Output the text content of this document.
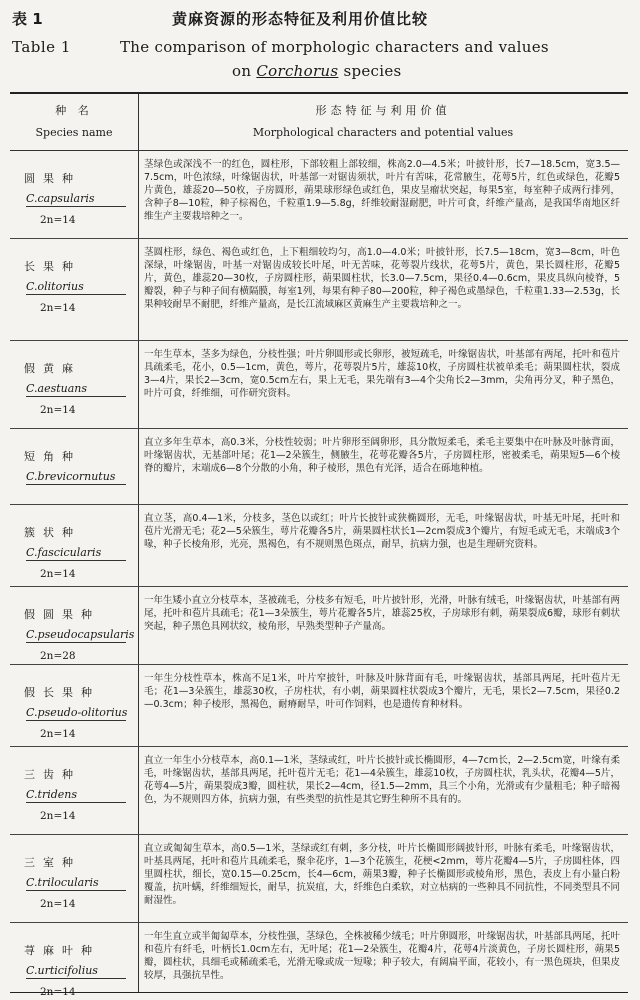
表 1	黄麻资源的形态特征及利用价值比较
Table 1	The comparison of morphologic characters and values
on Corchorus species
种 名
Species name
形态特征与利用价值
Morphological characters and potential values
圆果种
C.capsularis
2n=14
茎绿色或深浅不一的红色，圆柱形，下部较粗上部较细，株高2.0—4.5米；叶披针形，长7—18.5cm，宽3.5—7.5cm，叶色浓绿，叶缘锯齿状，叶基部一对锯齿须状，叶片有苦味，花常腋生，花萼5片，红色或绿色，花瓣5片黄色，雄蕊20—50枚，子房圆形，蒴果球形绿色或红色，果皮呈瘤状突起，每果5室，每室种子成两行排列，含种子8—10粒，种子棕褐色，千粒重1.9—5.8g，纤维较耐湿耐肥，叶片可食，纤维产量高，是我国华南地区纤维生产主要栽培种之一。
长果种
C.olitorius
2n=14
茎圆柱形，绿色、褐色或红色，上下粗细较均匀，高1.0—4.0米；叶披针形，长7.5—18cm，宽3—8cm，叶色深绿，叶缘锯齿，叶基一对锯齿成较长叶尾，叶无苦味，花萼裂片线状，花萼5片，黄色，果长圆柱形，花瓣5片，黄色，雄蕊20—30枚，子房圆柱形，蒴果圆柱状，长3.0—7.5cm，果径0.4—0.6cm，果皮具纵向棱脊，5瓣裂，种子与种子间有横隔膜，每室1列，每果有种子80—200粒，种子褐色或墨绿色，千粒重1.33—2.53g，长果种较耐旱不耐肥，纤维产量高，是长江流域麻区黄麻生产主要栽培种之一。
假黄麻
C.aestuans
2n=14
一年生草本，茎多为绿色，分枝性强；叶片卵圆形或长卵形，被短疏毛，叶缘锯齿状，叶基部有两尾，托叶和苞片具疏柔毛，花小，0.5—1cm，黄色，萼片，花萼裂片5片，雄蕊10枚，子房圆柱状被单柔毛；蒴果圆柱状，裂成3—4片，果长2—3cm，宽0.5cm左右，果上无毛，果先端有3—4个尖角长2—3mm，尖角再分叉，种子黑色，叶片可食，纤维细，可作研究资料。
短角种
C.brevicornutus
直立多年生草本，高0.3米，分枝性较弱；叶片卵形至阔卵形，具分散短柔毛，柔毛主要集中在叶脉及叶脉背面，叶缘锯齿状，无基部叶尾；花1—2朵簇生，侧腋生，花萼花瓣各5片，子房圆柱形，密被柔毛，蒴果短5—6个棱脊的瓣片，末端成6—8个分散的小角，种子棱形，黑色有光泽，适合在砾地种植。
簇状种
C.fascicularis
2n=14
直立茎，高0.4—1米，分枝多，茎色以或红；叶片长披针或狭椭圆形，无毛，叶缘锯齿状，叶基无叶尾，托叶和苞片光滑无毛；花2—5朵簇生，萼片花瓣各5片，蒴果圆柱状长1—2cm裂成3个瓣片，有短毛或无毛，末端成3个喙，种子长棱角形，光亮，黑褐色，有不规则黑色斑点，耐旱，抗病力强，也是生理研究资料。
假圆果种
C.pseudocapsularis
2n=28
一年生矮小直立分枝草本，茎被疏毛，分枝多有短毛，叶片披针形，光滑，叶脉有绒毛，叶缘锯齿状，叶基部有两尾，托叶和苞片具疏毛；花1—3朵簇生，萼片花瓣各5片，雄蕊25枚，子房球形有刺，蒴果裂成6瓣，球形有刺状突起，种子黑色具网状纹，棱角形，早熟类型种子产量高。
假长果种
C.pseudo-olitorius
2n=14
一年生分枝性草本，株高不足1米，叶片窄披针，叶脉及叶脉背面有毛，叶缘锯齿状，基部具两尾，托叶苞片无毛；花1—3朵簇生，雄蕊30枚，子房柱状，有小刺，蒴果圆柱状裂成3个瓣片，无毛，果长2—7.5cm，果径0.2—0.3cm；种子棱形，黑褐色，耐瘠耐旱，叶可作饲料，也是遗传育种材料。
三齿种
C.tridens
2n=14
直立一年生小分枝草本，高0.1—1米，茎绿或红，叶片长披针或长椭圆形，4—7cm长，2—2.5cm宽，叶缘有柔毛，叶缘锯齿状，基部具两尾，托叶苞片无毛；花1—4朵簇生，雄蕊10枚，子房圆柱状，乳头状，花瓣4—5片，花萼4—5片，蒴果裂成3瓣，圆柱状，果长2—4cm，径1.5—2mm，具三个小角，光滑或有少量粗毛；种子暗褐色，为不规则四方体，抗病力强，有些类型的抗性是其它野生种所不具有的。
三室种
C.trilocularis
2n=14
直立或匍匐生草本，高0.5—1米，茎绿或红有刺，多分枝，叶片长椭圆形阔披针形，叶脉有柔毛，叶缘锯齿状，叶基具两尾，托叶和苞片具疏柔毛，聚伞花序，1—3个花簇生，花梗<2mm，萼片花瓣4—5片，子房圆柱体，四里圆柱状，细长，宽0.15—0.25cm，长4—6cm，蒴果3瓣，种子长椭圆形或棱角形，黑色，表皮上有小量白粉覆盖，抗叶螨，纤维细短长，耐旱，抗炭疽，大，纤维色白柔软，对立枯病的一些种具不同抗性，不同类型具不同耐湿性。
荨麻叶种
C.urticifolius
2n=14
一年生直立或半匍匐草本，分枝性强，茎绿色，全株被稀少绒毛；叶片卵圆形，叶缘锯齿状，叶基部具两尾，托叶和苞片有纤毛，叶柄长1.0cm左右，无叶尾；花1—2朵簇生，花瓣4片，花萼4片淡黄色，子房长圆柱形，蒴果5瓣，圆柱状，具细毛或稀疏柔毛，光滑无喙或成一短喙；种子较大，有阔扁平面，花较小，有一黑色斑块，但果皮较厚，具强抗旱性。
